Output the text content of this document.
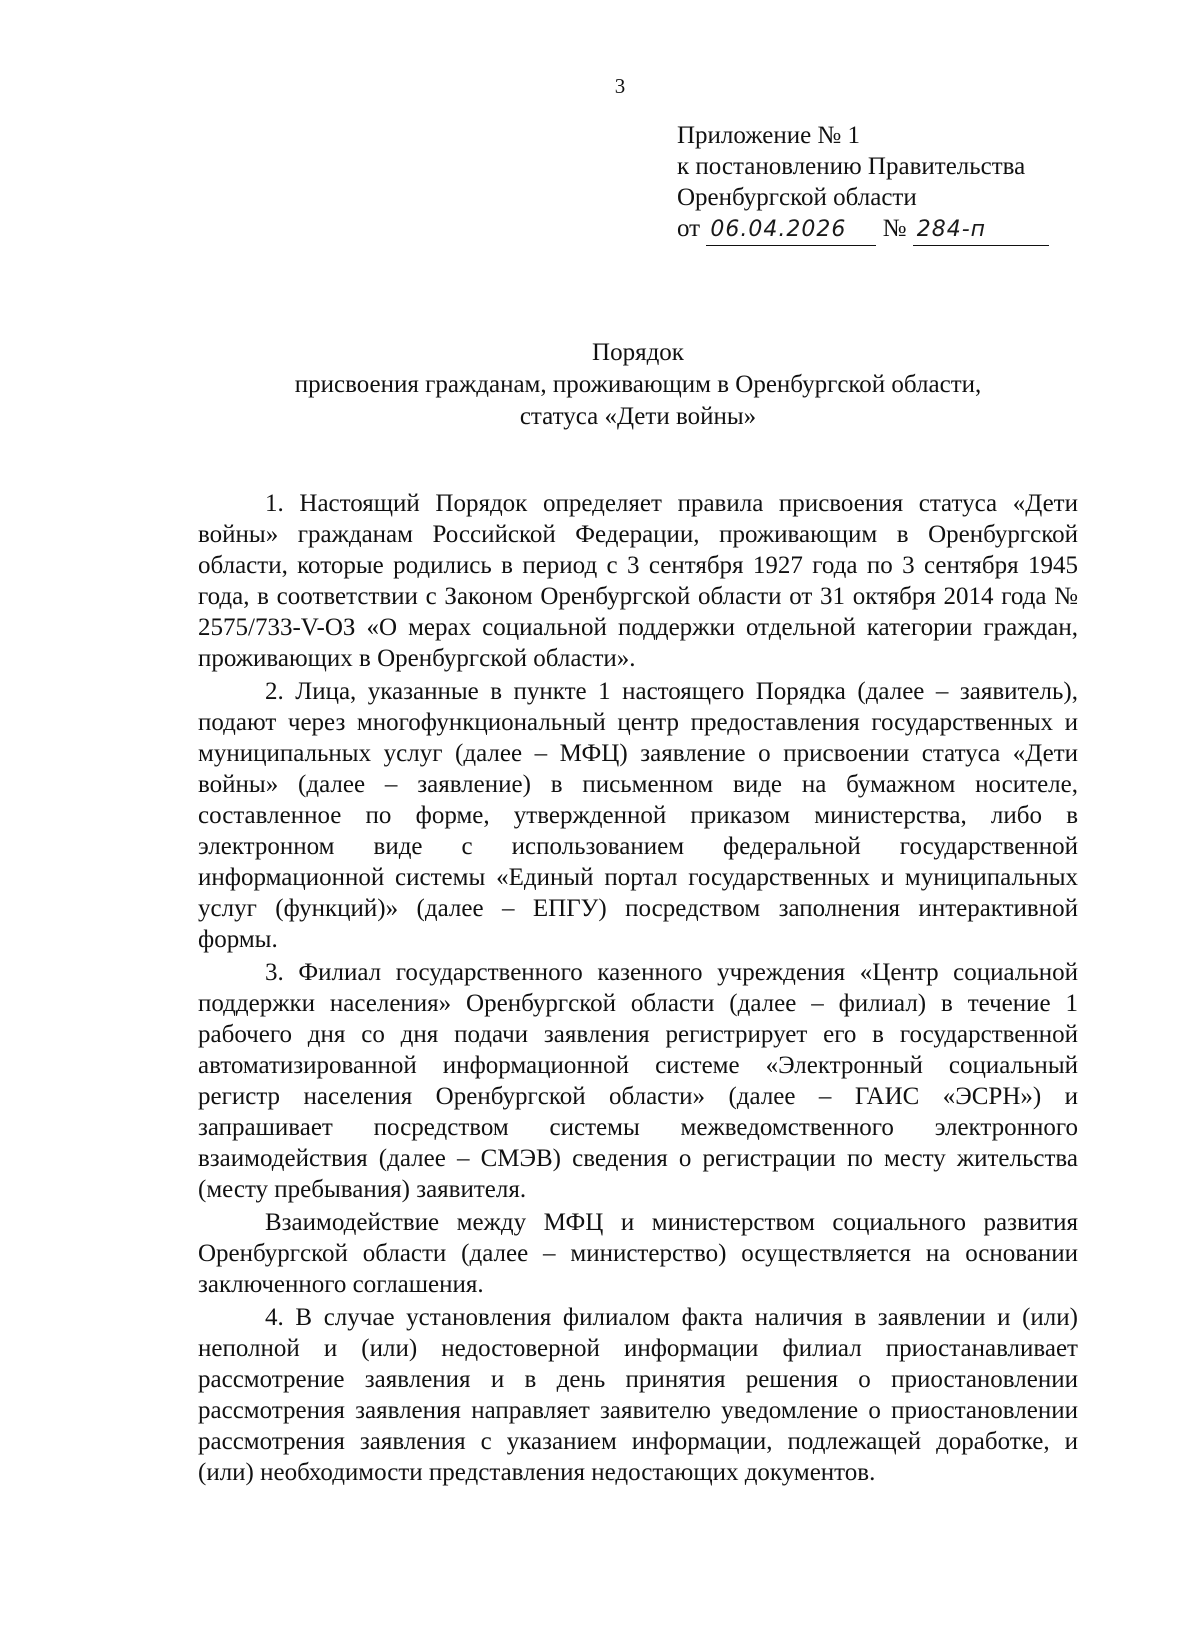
3
Приложение № 1
к постановлению Правительства
Оренбургской области
от 06.04.2026 № 284-п
Порядок
присвоения гражданам, проживающим в Оренбургской области,
статуса «Дети войны»

1. Настоящий Порядок определяет правила присвоения статуса «Дети войны» гражданам Российской Федерации, проживающим в Оренбургской области, которые родились в период с 3 сентября 1927 года по 3 сентября 1945 года, в соответствии с Законом Оренбургской области от 31 октября 2014 года № 2575/733-V-ОЗ «О мерах социальной поддержки отдельной категории граждан, проживающих в Оренбургской области».

2. Лица, указанные в пункте 1 настоящего Порядка (далее – заявитель), подают через многофункциональный центр предоставления государственных и муниципальных услуг (далее – МФЦ) заявление о присвоении статуса «Дети войны» (далее – заявление) в письменном виде на бумажном носителе, составленное по форме, утвержденной приказом министерства, либо в электронном виде с использованием федеральной государственной информационной системы «Единый портал государственных и муниципальных услуг (функций)» (далее – ЕПГУ) посредством заполнения интерактивной формы.

3. Филиал государственного казенного учреждения «Центр социальной поддержки населения» Оренбургской области (далее – филиал) в течение 1 рабочего дня со дня подачи заявления регистрирует его в государственной автоматизированной информационной системе «Электронный социальный регистр населения Оренбургской области» (далее – ГАИС «ЭСРН») и запрашивает посредством системы межведомственного электронного взаимодействия (далее – СМЭВ) сведения о регистрации по месту жительства (месту пребывания) заявителя.

Взаимодействие между МФЦ и министерством социального развития Оренбургской области (далее – министерство) осуществляется на основании заключенного соглашения.

4. В случае установления филиалом факта наличия в заявлении и (или) неполной и (или) недостоверной информации филиал приостанавливает рассмотрение заявления и в день принятия решения о приостановлении рассмотрения заявления направляет заявителю уведомление о приостановлении рассмотрения заявления с указанием информации, подлежащей доработке, и (или) необходимости представления недостающих документов.
